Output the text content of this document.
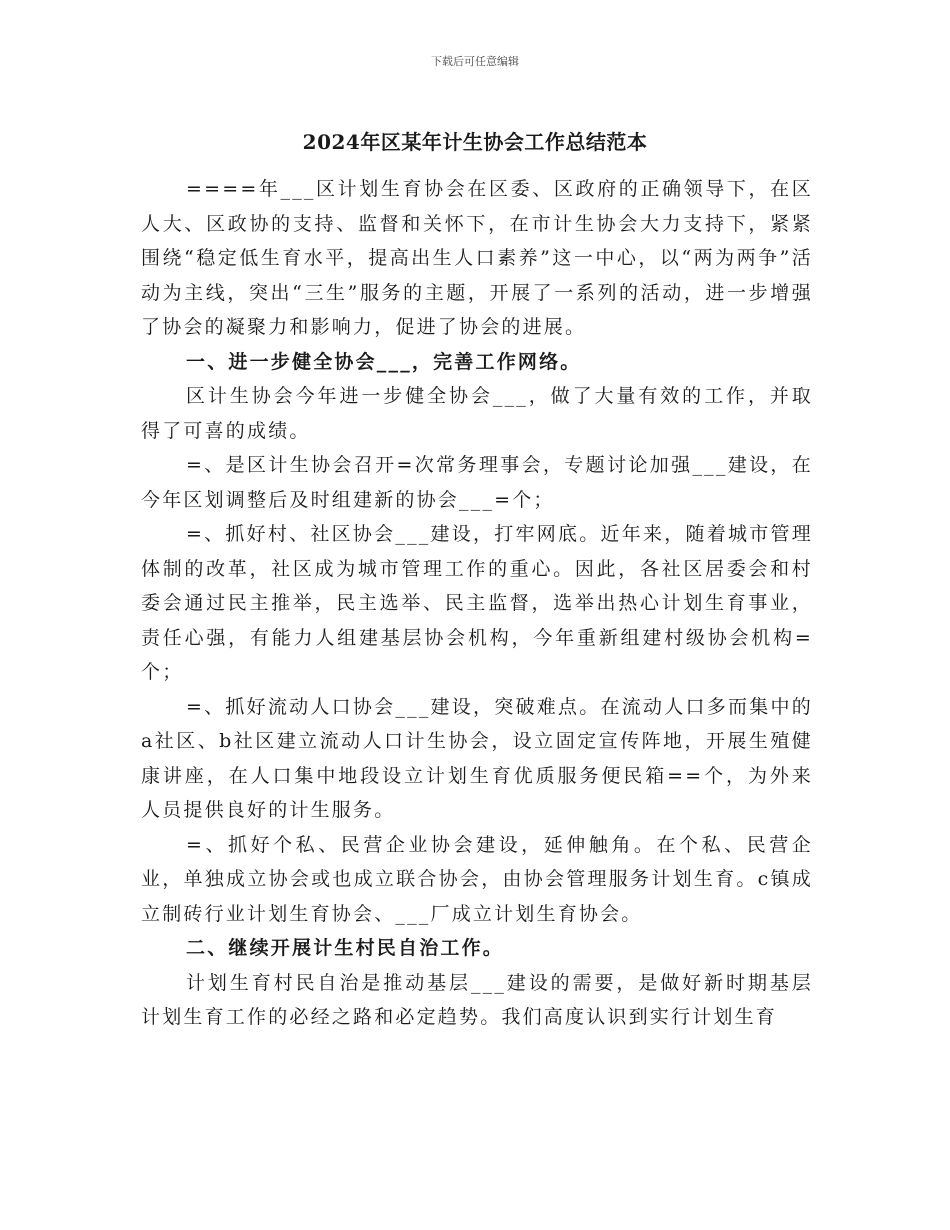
下载后可任意编辑
2024年区某年计生协会工作总结范本

====年___区计划生育协会在区委、区政府的正确领导下，在区人大、区政协的支持、监督和关怀下，在市计生协会大力支持下，紧紧围绕“稳定低生育水平，提高出生人口素养”这一中心，以“两为两争”活动为主线，突出“三生”服务的主题，开展了一系列的活动，进一步增强了协会的凝聚力和影响力，促进了协会的进展。

一、进一步健全协会___，完善工作网络。

区计生协会今年进一步健全协会___，做了大量有效的工作，并取得了可喜的成绩。

=、是区计生协会召开=次常务理事会，专题讨论加强___建设，在今年区划调整后及时组建新的协会___=个；

=、抓好村、社区协会___建设，打牢网底。近年来，随着城市管理体制的改革，社区成为城市管理工作的重心。因此，各社区居委会和村委会通过民主推举，民主选举、民主监督，选举出热心计划生育事业，责任心强，有能力人组建基层协会机构，今年重新组建村级协会机构=个；

=、抓好流动人口协会___建设，突破难点。在流动人口多而集中的a社区、b社区建立流动人口计生协会，设立固定宣传阵地，开展生殖健康讲座，在人口集中地段设立计划生育优质服务便民箱==个，为外来人员提供良好的计生服务。

=、抓好个私、民营企业协会建设，延伸触角。在个私、民营企业，单独成立协会或也成立联合协会，由协会管理服务计划生育。c镇成立制砖行业计划生育协会、___厂成立计划生育协会。

二、继续开展计生村民自治工作。

计划生育村民自治是推动基层___建设的需要，是做好新时期基层计划生育工作的必经之路和必定趋势。我们高度认识到实行计划生育
